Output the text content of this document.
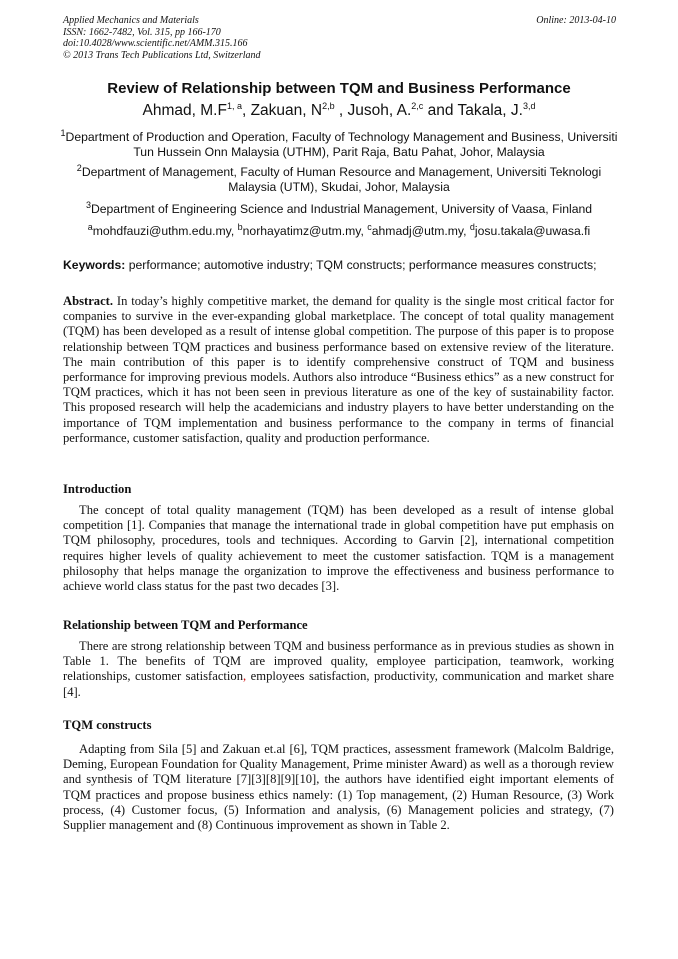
Applied Mechanics and Materials
ISSN: 1662-7482, Vol. 315, pp 166-170
doi:10.4028/www.scientific.net/AMM.315.166
© 2013 Trans Tech Publications Ltd, Switzerland
Online: 2013-04-10
Review of Relationship between TQM and Business Performance
Ahmad, $M.F^{1, a}$, Zakuan, N$^{2,b}$ , Jusoh, A.$^{2,c}$ and Takala, J.$^{3,d}$
$^1$Department of Production and Operation, Faculty of Technology Management and Business, Universiti Tun Hussein Onn Malaysia (UTHM), Parit Raja, Batu Pahat, Johor, Malaysia
$^2$Department of Management, Faculty of Human Resource and Management, Universiti Teknologi Malaysia (UTM), Skudai, Johor, Malaysia
$^3$Department of Engineering Science and Industrial Management, University of Vaasa, Finland
$^a$mohdfauzi@uthm.edu.my, $^b$norhayatimz@utm.my, $^c$ahmadj@utm.my, $^d$josu.takala@uwasa.fi
Keywords: performance; automotive industry; TQM constructs; performance measures constructs;
Abstract. In today’s highly competitive market, the demand for quality is the single most critical factor for companies to survive in the ever-expanding global marketplace. The concept of total quality management (TQM) has been developed as a result of intense global competition. The purpose of this paper is to propose relationship between TQM practices and business performance based on extensive review of the literature. The main contribution of this paper is to identify comprehensive construct of TQM and business performance for improving previous models. Authors also introduce “Business ethics” as a new construct for TQM practices, which it has not been seen in previous literature as one of the key of sustainability factor. This proposed research will help the academicians and industry players to have better understanding on the importance of TQM implementation and business performance to the company in terms of financial performance, customer satisfaction, quality and production performance.
Introduction
The concept of total quality management (TQM) has been developed as a result of intense global competition [1]. Companies that manage the international trade in global competition have put emphasis on TQM philosophy, procedures, tools and techniques. According to Garvin [2], international competition requires higher levels of quality achievement to meet the customer satisfaction. TQM is a management philosophy that helps manage the organization to improve the effectiveness and business performance to achieve world class status for the past two decades [3].
Relationship between TQM and Performance
There are strong relationship between TQM and business performance as in previous studies as shown in Table 1. The benefits of TQM are improved quality, employee participation, teamwork, working relationships, customer satisfaction, employees satisfaction, productivity, communication and market share [4].
TQM constructs
Adapting from Sila [5] and Zakuan et.al [6], TQM practices, assessment framework (Malcolm Baldrige, Deming, European Foundation for Quality Management, Prime minister Award) as well as a thorough review and synthesis of TQM literature [7][3][8][9][10], the authors have identified eight important elements of TQM practices and propose business ethics namely: (1) Top management, (2) Human Resource, (3) Work process, (4) Customer focus, (5) Information and analysis, (6) Management policies and strategy, (7) Supplier management and (8) Continuous improvement as shown in Table 2.
